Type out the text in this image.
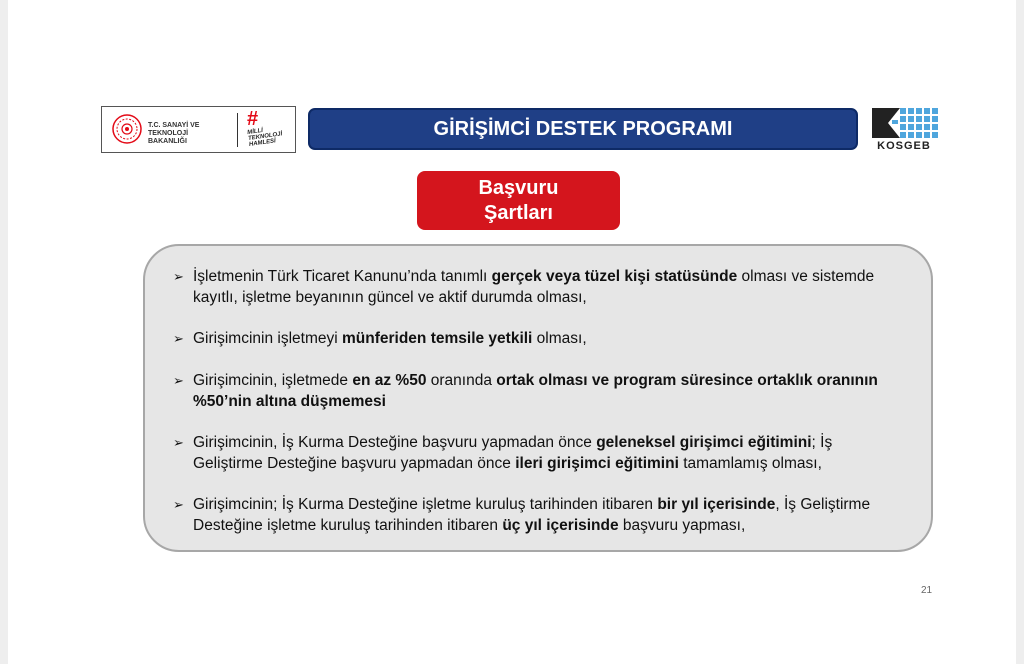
T.C. SANAYİ VE TEKNOLOJİ BAKANLIĞI
#
MİLLİ TEKNOLOJİ HAMLESİ
GİRİŞİMCİ DESTEK PROGRAMI
KOSGEB
Başvuru
Şartları
➢ İşletmenin Türk Ticaret Kanunu’nda tanımlı gerçek veya tüzel kişi statüsünde olması ve sistemde kayıtlı, işletme beyanının güncel ve aktif durumda olması,
➢ Girişimcinin işletmeyi münferiden temsile yetkili olması,
➢ Girişimcinin, işletmede en az %50 oranında ortak olması ve program süresince ortaklık oranının %50’nin altına düşmemesi
➢ Girişimcinin, İş Kurma Desteğine başvuru yapmadan önce geleneksel girişimci eğitimini; İş Geliştirme Desteğine başvuru yapmadan önce ileri girişimci eğitimini tamamlamış olması,
➢ Girişimcinin; İş Kurma Desteğine işletme kuruluş tarihinden itibaren bir yıl içerisinde, İş Geliştirme Desteğine işletme kuruluş tarihinden itibaren üç yıl içerisinde başvuru yapması,
21
